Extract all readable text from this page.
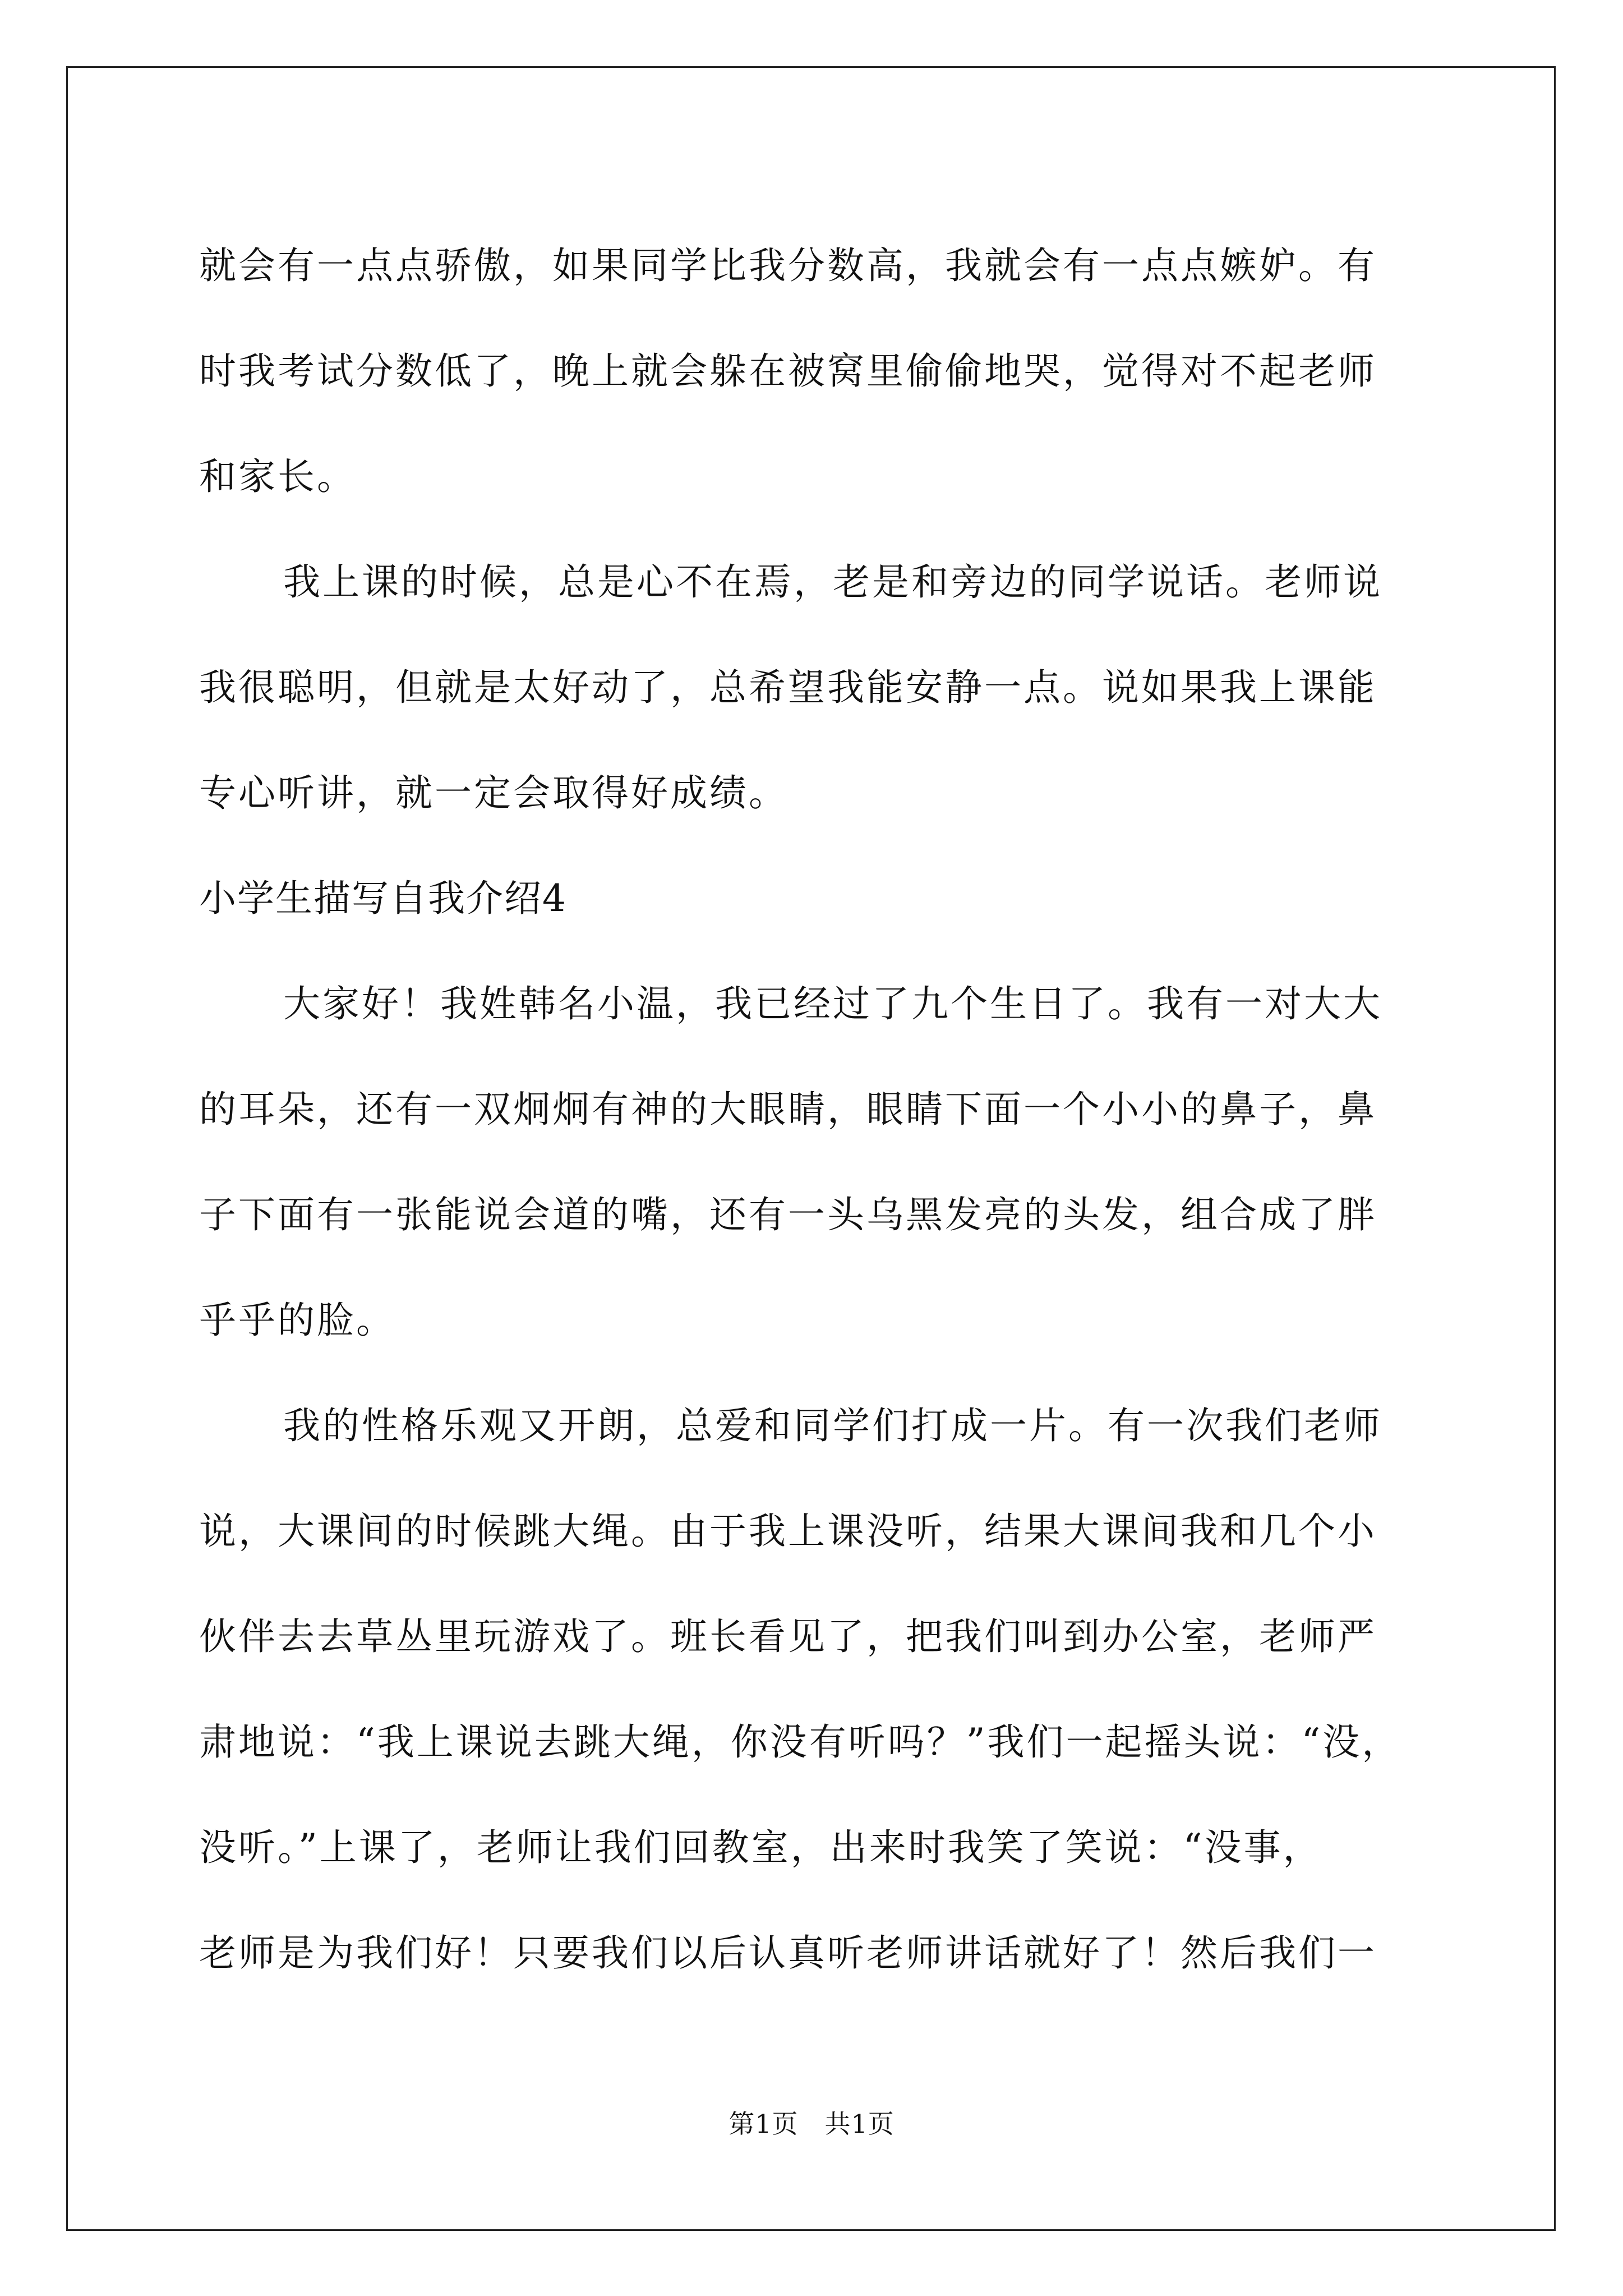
就会有一点点骄傲，如果同学比我分数高，我就会有一点点嫉妒。有
时我考试分数低了，晚上就会躲在被窝里偷偷地哭，觉得对不起老师
和家长。
我上课的时候，总是心不在焉，老是和旁边的同学说话。老师说
我很聪明，但就是太好动了，总希望我能安静一点。说如果我上课能
专心听讲，就一定会取得好成绩。
小学生描写自我介绍4
大家好！我姓韩名小温，我已经过了九个生日了。我有一对大大
的耳朵，还有一双炯炯有神的大眼睛，眼睛下面一个小小的鼻子，鼻
子下面有一张能说会道的嘴，还有一头乌黑发亮的头发，组合成了胖
乎乎的脸。
我的性格乐观又开朗，总爱和同学们打成一片。有一次我们老师
说，大课间的时候跳大绳。由于我上课没听，结果大课间我和几个小
伙伴去去草丛里玩游戏了。班长看见了，把我们叫到办公室，老师严
肃地说：“我上课说去跳大绳，你没有听吗？”我们一起摇头说：“没，
没听。”上课了，老师让我们回教室，出来时我笑了笑说：“没事，
老师是为我们好！只要我们以后认真听老师讲话就好了！然后我们一
第1页　共1页
